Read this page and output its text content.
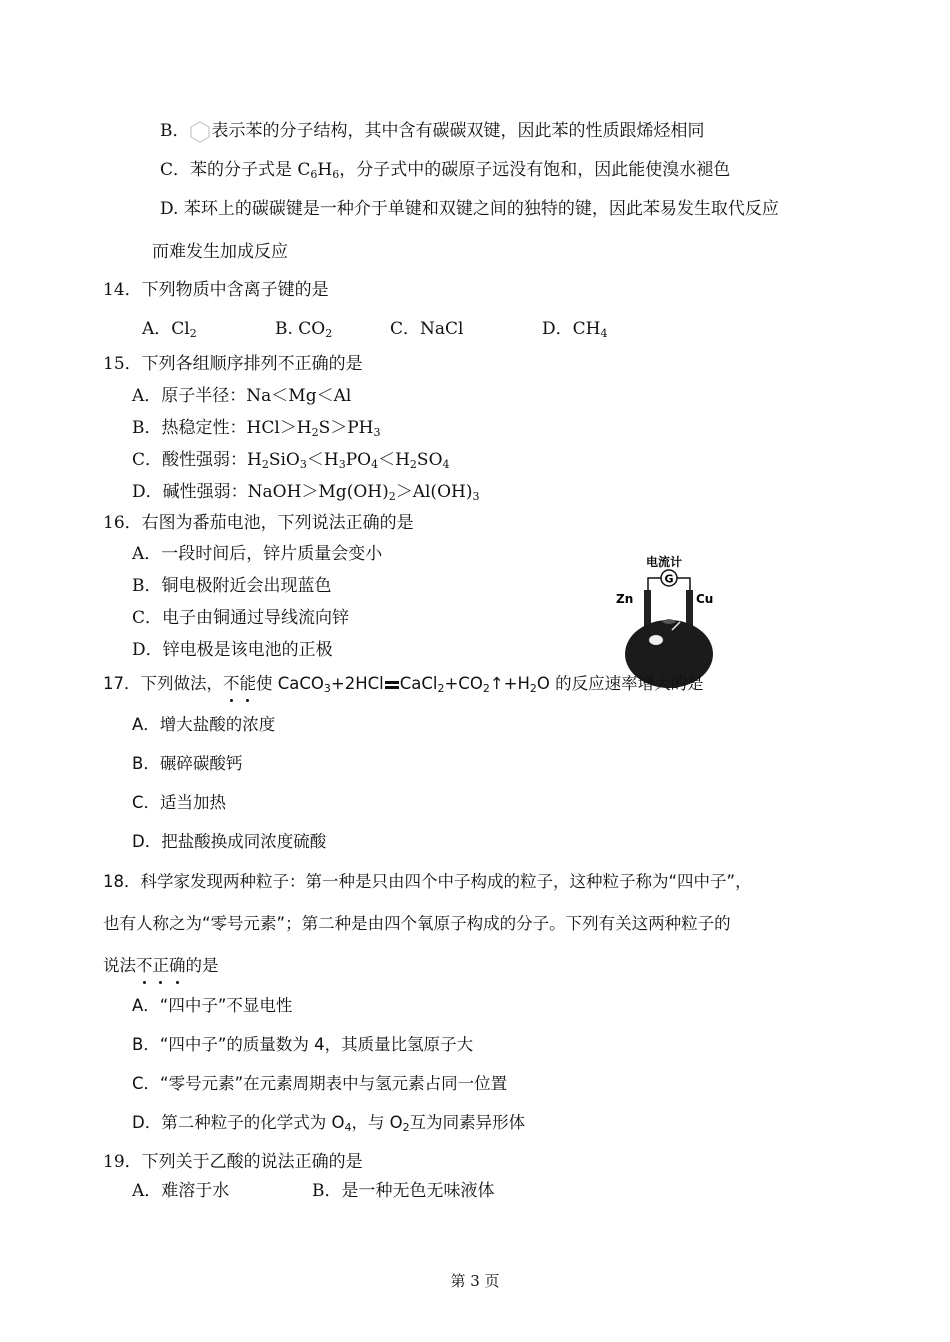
B． 表示苯的分子结构，其中含有碳碳双键，因此苯的性质跟烯烃相同
C．苯的分子式是 $C_6H_6$，分子式中的碳原子远没有饱和，因此能使溴水褪色
D. 苯环上的碳碳键是一种介于单键和双键之间的独特的键，因此苯易发生取代反应
而难发生加成反应
14．下列物质中含离子键的是
A．$Cl_2$	B. $CO_2$	C．NaCl	D．$CH_4$
15．下列各组顺序排列不正确的是
A．原子半径：Na＜Mg＜Al
B．热稳定性：$HCl>H_2S>PH_3$
C．酸性强弱：$H_2SiO_3<H_3PO_4<H_2SO_4$
D．碱性强弱：$NaOH>Mg(OH)_2>Al(OH)_3$
16．右图为番茄电池，下列说法正确的是
A．一段时间后，锌片质量会变小
B．铜电极附近会出现蓝色
C．电子由铜通过导线流向锌
D．锌电极是该电池的正极
电流计
G
Zn	Cu
17．下列做法，不能使 CaCO$_3$+2HCl $CaCl_2+CO_2↑+H_2O$ 的反应速率增大的是
A．增大盐酸的浓度
B．碾碎碳酸钙
C．适当加热
D．把盐酸换成同浓度硫酸
18．科学家发现两种粒子：第一种是只由四个中子构成的粒子，这种粒子称为“四中子”，
也有人称之为“零号元素”；第二种是由四个氧原子构成的分子。下列有关这两种粒子的
说法不正确的是
A．“四中子”不显电性
B．“四中子”的质量数为 4，其质量比氢原子大
C．“零号元素”在元素周期表中与氢元素占同一位置
D．第二种粒子的化学式为 $O_4$，与 $O_2$互为同素异形体
19．下列关于乙酸的说法正确的是
A．难溶于水	B．是一种无色无味液体
第 3 页
